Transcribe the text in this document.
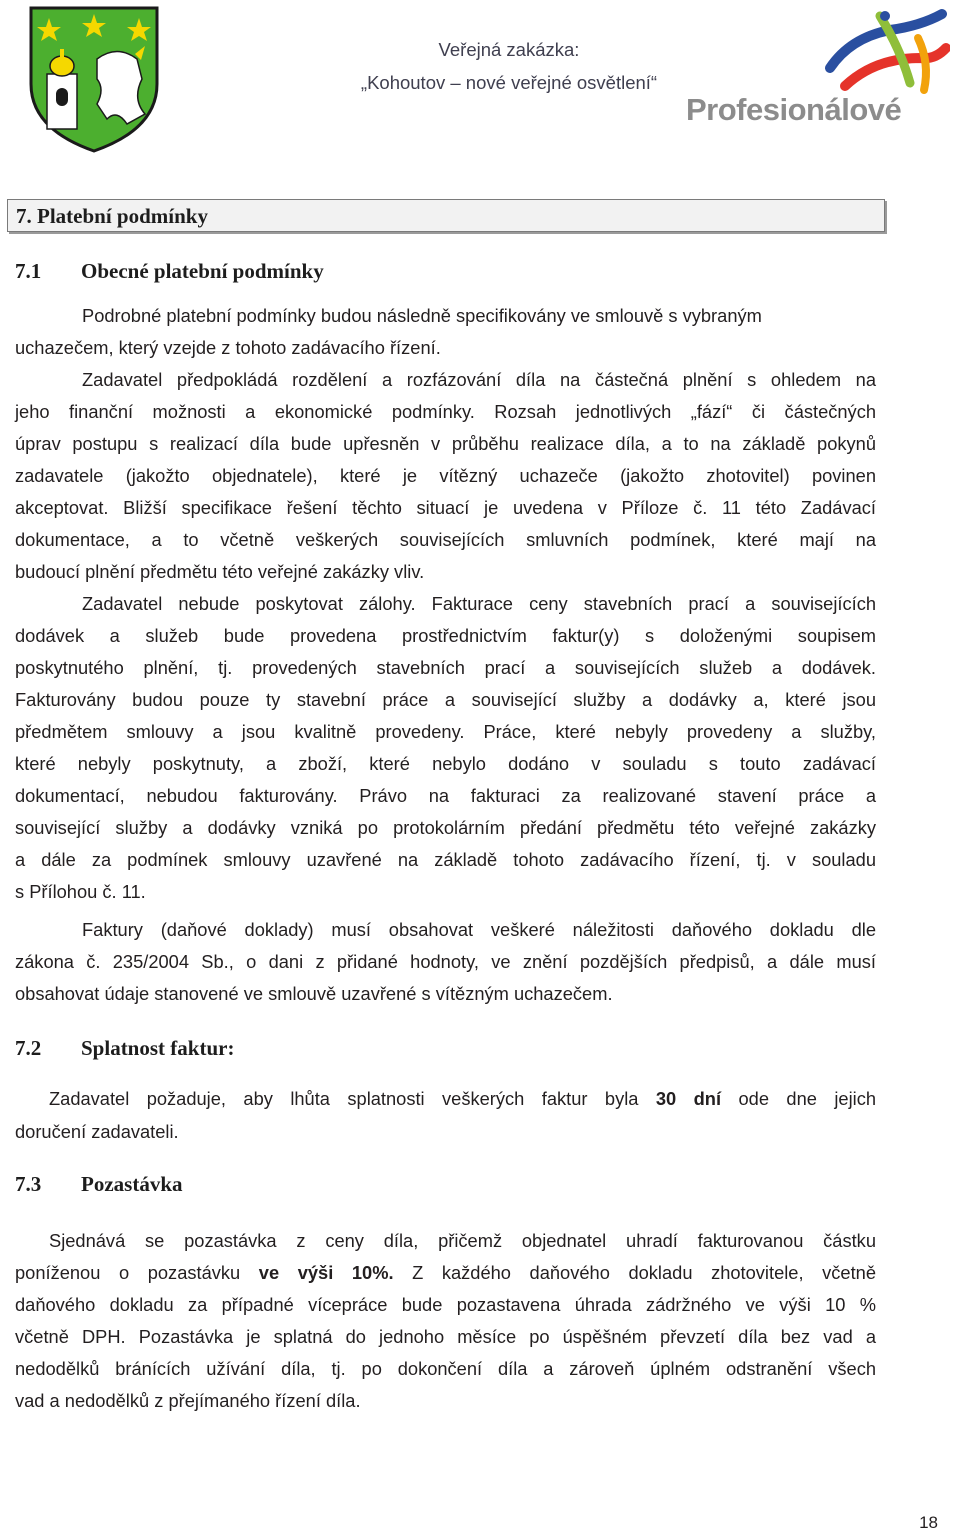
Veřejná zakázka:
„Kohoutov – nové veřejné osvětlení“
Profesionálové
7. Platební podmínky
7.1 Obecné platební podmínky
Podrobné platební podmínky budou následně specifikovány ve smlouvě s vybraným
uchazečem, který vzejde z tohoto zadávacího řízení.
Zadavatel předpokládá rozdělení a rozfázování díla na částečná plnění s ohledem na
jeho finanční možnosti a ekonomické podmínky. Rozsah jednotlivých „fází“ či částečných
úprav postupu s realizací díla bude upřesněn v průběhu realizace díla, a to na základě pokynů
zadavatele (jakožto objednatele), které je vítězný uchazeče (jakožto zhotovitel) povinen
akceptovat. Bližší specifikace řešení těchto situací je uvedena v Příloze č. 11 této Zadávací
dokumentace, a to včetně veškerých souvisejících smluvních podmínek, které mají na
budoucí plnění předmětu této veřejné zakázky vliv.
Zadavatel nebude poskytovat zálohy. Fakturace ceny stavebních prací a souvisejících
dodávek a služeb bude provedena prostřednictvím faktur(y) s doloženými soupisem
poskytnutého plnění, tj. provedených stavebních prací a souvisejících služeb a dodávek.
Fakturovány budou pouze ty stavební práce a související služby a dodávky a, které jsou
předmětem smlouvy a jsou kvalitně provedeny. Práce, které nebyly provedeny a služby,
které nebyly poskytnuty, a zboží, které nebylo dodáno v souladu s touto zadávací
dokumentací, nebudou fakturovány. Právo na fakturaci za realizované stavení práce a
související služby a dodávky vzniká po protokolárním předání předmětu této veřejné zakázky
a dále za podmínek smlouvy uzavřené na základě tohoto zadávacího řízení, tj. v souladu
s Přílohou č. 11.
Faktury (daňové doklady) musí obsahovat veškeré náležitosti daňového dokladu dle
zákona č. 235/2004 Sb., o dani z přidané hodnoty, ve znění pozdějších předpisů, a dále musí
obsahovat údaje stanovené ve smlouvě uzavřené s vítězným uchazečem.
7.2 Splatnost faktur:
Zadavatel požaduje, aby lhůta splatnosti veškerých faktur byla 30 dní ode dne jejich
doručení zadavateli.
7.3 Pozastávka
Sjednává se pozastávka z ceny díla, přičemž objednatel uhradí fakturovanou částku
poníženou o pozastávku ve výši 10%. Z každého daňového dokladu zhotovitele, včetně
daňového dokladu za případné vícepráce bude pozastavena úhrada zádržného ve výši 10 %
včetně DPH. Pozastávka je splatná do jednoho měsíce po úspěšném převzetí díla bez vad a
nedodělků bránících užívání díla, tj. po dokončení díla a zároveň úplném odstranění všech
vad a nedodělků z přejímaného řízení díla.
18
